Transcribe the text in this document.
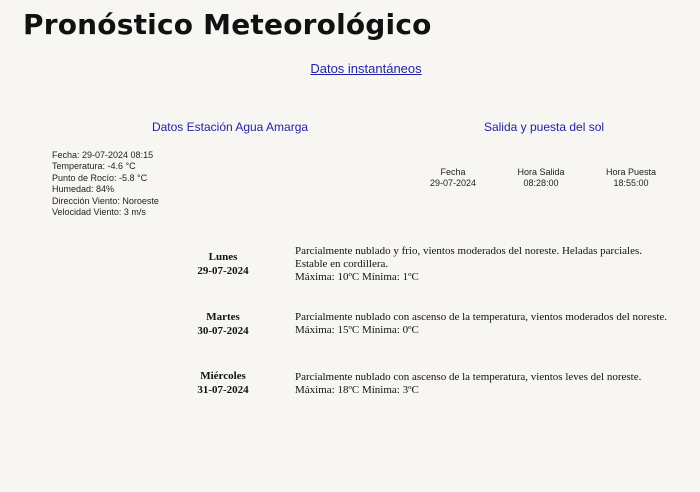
Pronóstico Meteorológico
Datos instantáneos
Datos Estación Agua Amarga	Salida y puesta del sol
Fecha: 29-07-2024 08:15
Temperatura: -4.6 °C
Punto de Rocío: -5.8 °C
Humedad: 84%
Dirección Viento: Noroeste
Velocidad Viento: 3 m/s
Fecha
29-07-2024
Hora Salida
08:28:00
Hora Puesta
18:55:00
Lunes
29-07-2024
Parcialmente nublado y frio, vientos moderados del noreste. Heladas parciales.
Estable en cordillera.
Máxima: 10ºC Mínima: 1ºC
Martes
30-07-2024
Parcialmente nublado con ascenso de la temperatura, vientos moderados del noreste.
Máxima: 15ºC Mínima: 0ºC
Miércoles
31-07-2024
Parcialmente nublado con ascenso de la temperatura, vientos leves del noreste.
Máxima: 18ºC Mínima: 3ºC
